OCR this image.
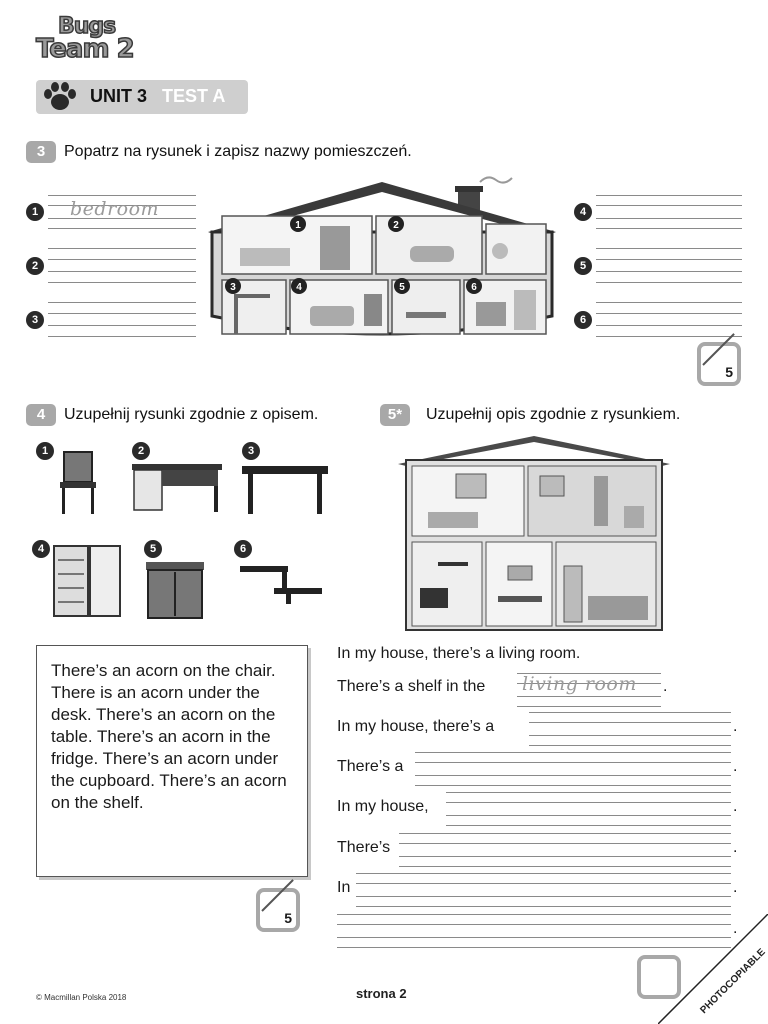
Bugs
Team 2
UNIT 3 TEST A
3	Popatrz na rysunek i zapisz nazwy pomieszczeń.
1
2
3
4
5
6
bedroom
1	2
3	4	5	6
5
4	Uzupełnij rysunki zgodnie z opisem.
1	2	3
4	5	6

There’s an acorn on the chair. There is an acorn under the desk. There’s an acorn on the table. There’s an acorn in the fridge. There’s an acorn under the cupboard. There’s an acorn on the shelf.

5
5*	Uzupełnij opis zgodnie z rysunkiem.
In my house, there’s a living room.
There’s a shelf in the living room .
In my house, there’s a	.
There’s a	.
In my house,	.
There’s	.
In	.
.
© Macmillan Polska 2018	strona 2	PHOTOCOPIABLE
